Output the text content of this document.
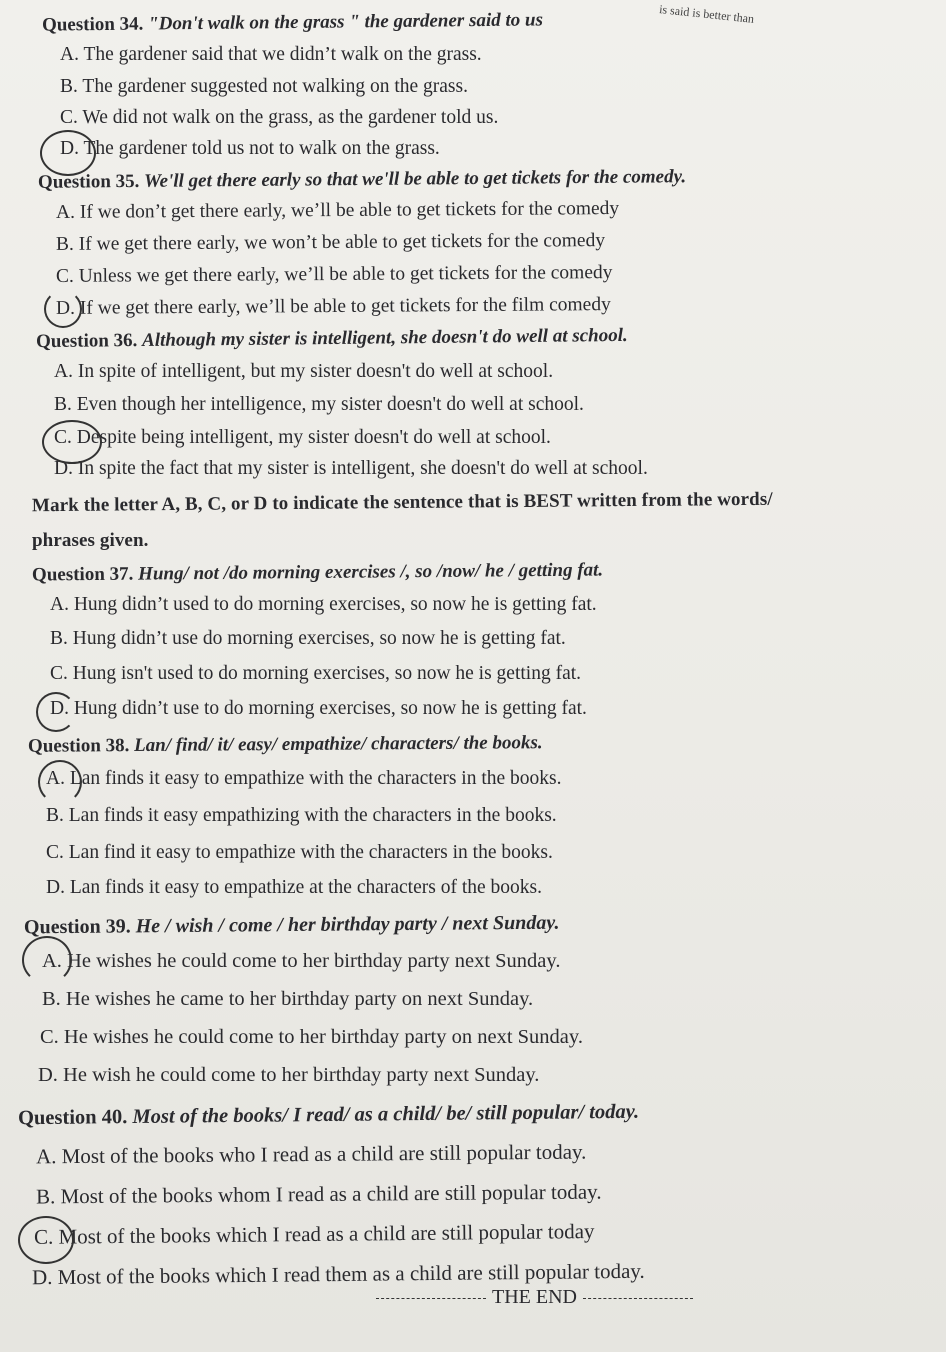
is said is better than
Question 34. "Don't walk on the grass " the gardener said to us
A. The gardener said that we didn’t walk on the grass.
B. The gardener suggested not walking on the grass.
C. We did not walk on the grass, as the gardener told us.
D. The gardener told us not to walk on the grass.
Question 35. We'll get there early so that we'll be able to get tickets for the comedy.
A. If we don’t get there early, we’ll be able to get tickets for the comedy
B. If we get there early, we won’t be able to get tickets for the comedy
C. Unless we get there early, we’ll be able to get tickets for the comedy
D. If we get there early, we’ll be able to get tickets for the film comedy
Question 36. Although my sister is intelligent, she doesn't do well at school.
A. In spite of intelligent, but my sister doesn't do well at school.
B. Even though her intelligence, my sister doesn't do well at school.
C. Despite being intelligent, my sister doesn't do well at school.
D. In spite the fact that my sister is intelligent, she doesn't do well at school.
Mark the letter A, B, C, or D to indicate the sentence that is BEST written from the words/
phrases given.
Question 37. Hung/ not /do morning exercises /, so /now/ he / getting fat.
A. Hung didn’t used to do morning exercises, so now he is getting fat.
B. Hung didn’t use do morning exercises, so now he is getting fat.
C. Hung isn't used to do morning exercises, so now he is getting fat.
D. Hung didn’t use to do morning exercises, so now he is getting fat.
Question 38. Lan/ find/ it/ easy/ empathize/ characters/ the books.
A. Lan finds it easy to empathize with the characters in the books.
B. Lan finds it easy empathizing with the characters in the books.
C. Lan find it easy to empathize with the characters in the books.
D. Lan finds it easy to empathize at the characters of the books.
Question 39. He / wish / come / her birthday party / next Sunday.
A. He wishes he could come to her birthday party next Sunday.
B. He wishes he came to her birthday party on next Sunday.
C. He wishes he could come to her birthday party on next Sunday.
D. He wish he could come to her birthday party next Sunday.
Question 40. Most of the books/ I read/ as a child/ be/ still popular/ today.
A. Most of the books who I read as a child are still popular today.
B. Most of the books whom I read as a child are still popular today.
C. Most of the books which I read as a child are still popular today
D. Most of the books which I read them as a child are still popular today.
THE END
